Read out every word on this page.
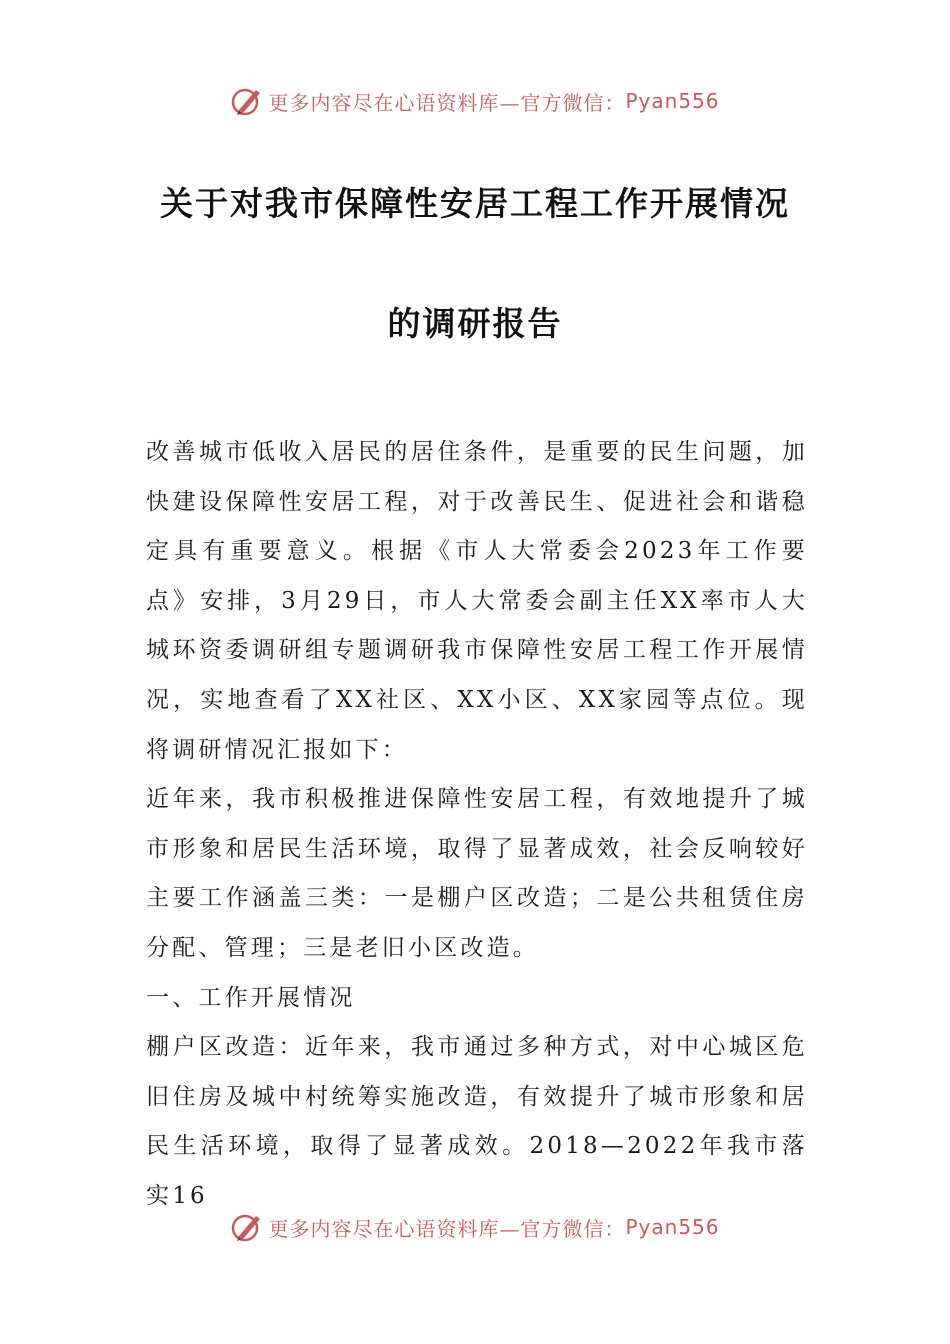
更多内容尽在心语资料库—官方微信： Pyan556
关于对我市保障性安居工程工作开展情况
的调研报告

改善城市低收入居民的居住条件，是重要的民生问题，加快建设保障性安居工程，对于改善民生、促进社会和谐稳定具有重要意义。根据《市人大常委会2023年工作要点》安排，3月29日，市人大常委会副主任XX率市人大城环资委调研组专题调研我市保障性安居工程工作开展情况，实地查看了XX社区、XX小区、XX家园等点位。现将调研情况汇报如下：

近年来，我市积极推进保障性安居工程，有效地提升了城市形象和居民生活环境，取得了显著成效，社会反响较好主要工作涵盖三类：一是棚户区改造；二是公共租赁住房分配、管理；三是老旧小区改造。

一、工作开展情况

棚户区改造：近年来，我市通过多种方式，对中心城区危旧住房及城中村统筹实施改造，有效提升了城市形象和居民生活环境，取得了显著成效。2018—2022年我市落实16

更多内容尽在心语资料库—官方微信： Pyan556
